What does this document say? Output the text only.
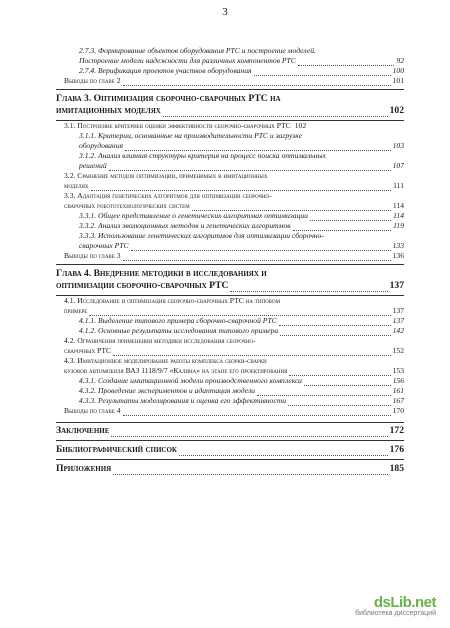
3
2.7.3. Формирование объектов оборудования РТС и построение моделей.
Построение модели надежности для различных компонентов РТС	92
2.7.4. Верификация проектов участков оборудования	100
Выводы по главе 2	101
Глава 3. Оптимизация сборочно-сварочных РТС на
имитационных моделях	102
3.1. Построение критериев оценки эффективности сборочно-сварочных РТС 102
3.1.1. Критерии, основанные на производительности РТС и загрузке
оборудования	103
3.1.2. Анализ влияния структуры критерия на процесс поиска оптимальных
решений	107
3.2. Сравнение методов оптимизации, применимых в имитационных
моделях	111
3.3. Адаптация генетических алгоритмов для оптимизации сборочно-
сварочных робототехнологических систем	114
3.3.1. Общее представление о генетических алгоритмах оптимизации	114
3.3.2. Анализ эволюционных методов и генетических алгоритмов	119
3.3.3. Использование генетических алгоритмов для оптимизации сборочно-
сварочных РТС	133
Выводы по главе 3	136
Глава 4. Внедрение методики в исследованиях и
оптимизации сборочно-сварочных РТС	137
4.1. Исследование и оптимизация сборочно-сварочных РТС на типовом
примере	137
4.1.1. Выделение типового примера сборочно-сварочной РТС	137
4.1.2. Основные результаты исследования типового примера	142
4.2. Ограничения применения методики исследования сборочно-
сварочных РТС	152
4.3. Имитационное моделирование работы комплекса сборки-сварки
кузовов автомобиля ВАЗ 1118/9/7 «Калина» на этапе его проектирования	153
4.3.1. Создание имитационной модели производственного комплекса	156
4.3.2. Проведение экспериментов и адаптация модели	161
4.3.3. Результаты моделирования и оценка его эффективности	167
Выводы по главе 4	170
Заключение	172
Библиографический список	176
Приложения	185
dsLib.net
библиотека диссертаций
